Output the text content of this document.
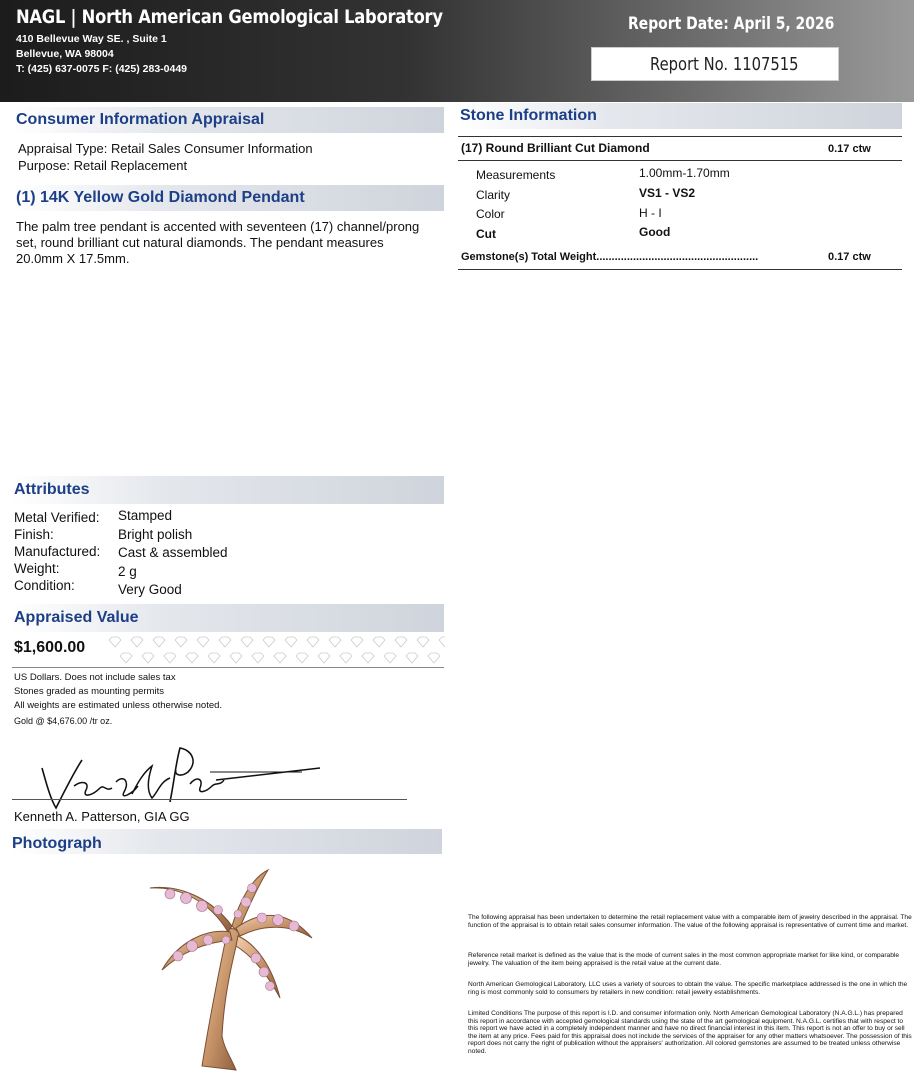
NAGL | North American Gemological Laboratory
410 Bellevue Way SE. , Suite 1
Bellevue, WA 98004
T: (425) 637-0075 F: (425) 283-0449
Report Date: April 5, 2026
Report No. 1107515
Consumer Information Appraisal
Appraisal Type: Retail Sales Consumer Information
Purpose: Retail Replacement
(1) 14K Yellow Gold Diamond Pendant
The palm tree pendant is accented with seventeen (17) channel/prong set, round brilliant cut natural diamonds. The pendant measures 20.0mm X 17.5mm.
Stone Information
(17) Round Brilliant Cut Diamond	0.17 ctw
Measurements	1.00mm-1.70mm
Clarity	VS1 - VS2
Color	H - I
Cut	Good
Gemstone(s) Total Weight.....................................................	0.17 ctw
Attributes
Metal Verified: Stamped
Finish:	Bright polish
Manufactured: Cast & assembled
Weight:	2 g
Condition:	Very Good
Appraised Value
$1,600.00
US Dollars. Does not include sales tax
Stones graded as mounting permits
All weights are estimated unless otherwise noted.
Gold @ $4,676.00 /tr oz.
Kenneth A. Patterson, GIA GG
Photograph
The following appraisal has been undertaken to determine the retail replacement value with a comparable item of jewelry described in the appraisal. The function of the appraisal is to obtain retail sales consumer information. The value of the following appraisal is representative of current time and market.
Reference retail market is defined as the value that is the mode of current sales in the most common appropriate market for like kind, or comparable jewelry. The valuation of the item being appraised is the retail value at the current date.
North American Gemological Laboratory, LLC uses a variety of sources to obtain the value. The specific marketplace addressed is the one in which the ring is most commonly sold to consumers by retailers in new condition: retail jewelry establishments.
Limited Conditions The purpose of this report is I.D. and consumer information only. North American Gemological Laboratory (N.A.G.L.) has prepared this report in accordance with accepted gemological standards using the state of the art gemological equipment. N.A.G.L. certifies that with respect to this report we have acted in a completely independent manner and have no direct financial interest in this item. This report is not an offer to buy or sell the item at any price. Fees paid for this appraisal does not include the services of the appraiser for any other matters whatsoever. The possession of this report does not carry the right of publication without the appraisers' authorization. All colored gemstones are assumed to be treated unless otherwise noted.
